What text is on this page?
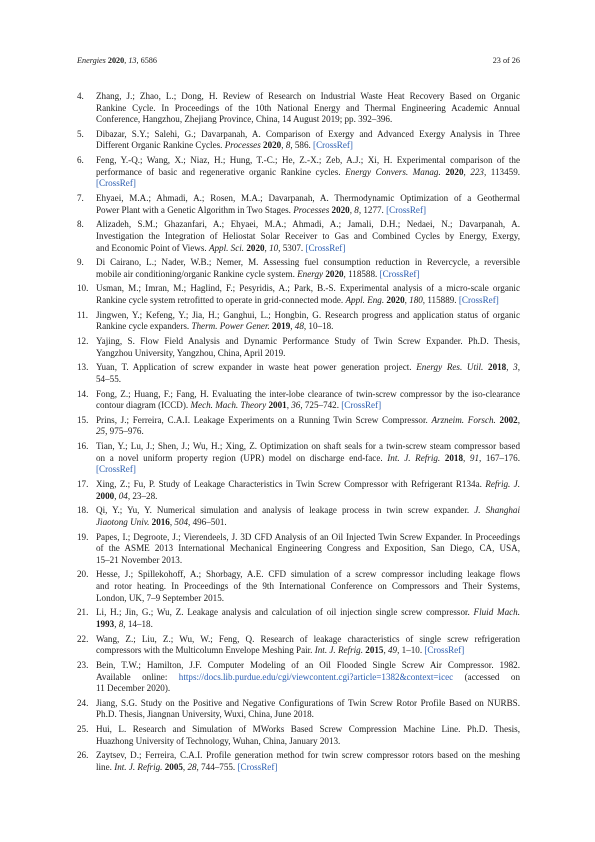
Energies 2020, 13, 6586	23 of 26
4. Zhang, J.; Zhao, L.; Dong, H. Review of Research on Industrial Waste Heat Recovery Based on Organic
Rankine Cycle. In Proceedings of the 10th National Energy and Thermal Engineering Academic Annual
Conference, Hangzhou, Zhejiang Province, China, 14 August 2019; pp. 392–396.
5. Dibazar, S.Y.; Salehi, G.; Davarpanah, A. Comparison of Exergy and Advanced Exergy Analysis in Three
Different Organic Rankine Cycles. Processes 2020, 8, 586. [CrossRef]
6. Feng, Y.-Q.; Wang, X.; Niaz, H.; Hung, T.-C.; He, Z.-X.; Zeb, A.J.; Xi, H. Experimental comparison of the
performance of basic and regenerative organic Rankine cycles. Energy Convers. Manag. 2020, 223, 113459.
[CrossRef]
7. Ehyaei, M.A.; Ahmadi, A.; Rosen, M.A.; Davarpanah, A. Thermodynamic Optimization of a Geothermal
Power Plant with a Genetic Algorithm in Two Stages. Processes 2020, 8, 1277. [CrossRef]
8. Alizadeh, S.M.; Ghazanfari, A.; Ehyaei, M.A.; Ahmadi, A.; Jamali, D.H.; Nedaei, N.; Davarpanah, A.
Investigation the Integration of Heliostat Solar Receiver to Gas and Combined Cycles by Energy, Exergy,
and Economic Point of Views. Appl. Sci. 2020, 10, 5307. [CrossRef]
9. Di Cairano, L.; Nader, W.B.; Nemer, M. Assessing fuel consumption reduction in Revercycle, a reversible
mobile air conditioning/organic Rankine cycle system. Energy 2020, 118588. [CrossRef]
10. Usman, M.; Imran, M.; Haglind, F.; Pesyridis, A.; Park, B.-S. Experimental analysis of a micro-scale organic
Rankine cycle system retrofitted to operate in grid-connected mode. Appl. Eng. 2020, 180, 115889. [CrossRef]
11. Jingwen, Y.; Kefeng, Y.; Jia, H.; Ganghui, L.; Hongbin, G. Research progress and application status of organic
Rankine cycle expanders. Therm. Power Gener. 2019, 48, 10–18.
12. Yajing, S. Flow Field Analysis and Dynamic Performance Study of Twin Screw Expander. Ph.D. Thesis,
Yangzhou University, Yangzhou, China, April 2019.
13. Yuan, T. Application of screw expander in waste heat power generation project. Energy Res. Util. 2018, 3,
54–55.
14. Fong, Z.; Huang, F.; Fang, H. Evaluating the inter-lobe clearance of twin-screw compressor by the iso-clearance
contour diagram (ICCD). Mech. Mach. Theory 2001, 36, 725–742. [CrossRef]
15. Prins, J.; Ferreira, C.A.I. Leakage Experiments on a Running Twin Screw Compressor. Arzneim. Forsch. 2002,
25, 975–976.
16. Tian, Y.; Lu, J.; Shen, J.; Wu, H.; Xing, Z. Optimization on shaft seals for a twin-screw steam compressor based
on a novel uniform property region (UPR) model on discharge end-face. Int. J. Refrig. 2018, 91, 167–176.
[CrossRef]
17. Xing, Z.; Fu, P. Study of Leakage Characteristics in Twin Screw Compressor with Refrigerant R134a. Refrig. J.
2000, 04, 23–28.
18. Qi, Y.; Yu, Y. Numerical simulation and analysis of leakage process in twin screw expander. J. Shanghai
Jiaotong Univ. 2016, 504, 496–501.
19. Papes, I.; Degroote, J.; Vierendeels, J. 3D CFD Analysis of an Oil Injected Twin Screw Expander. In Proceedings
of the ASME 2013 International Mechanical Engineering Congress and Exposition, San Diego, CA, USA,
15–21 November 2013.
20. Hesse, J.; Spillekohoff, A.; Shorbagy, A.E. CFD simulation of a screw compressor including leakage flows
and rotor heating. In Proceedings of the 9th International Conference on Compressors and Their Systems,
London, UK, 7–9 September 2015.
21. Li, H.; Jin, G.; Wu, Z. Leakage analysis and calculation of oil injection single screw compressor. Fluid Mach.
1993, 8, 14–18.
22. Wang, Z.; Liu, Z.; Wu, W.; Feng, Q. Research of leakage characteristics of single screw refrigeration
compressors with the Multicolumn Envelope Meshing Pair. Int. J. Refrig. 2015, 49, 1–10. [CrossRef]
23. Bein, T.W.; Hamilton, J.F. Computer Modeling of an Oil Flooded Single Screw Air Compressor. 1982.
Available online: https://docs.lib.purdue.edu/cgi/viewcontent.cgi?article=1382&context=icec (accessed on
11 December 2020).
24. Jiang, S.G. Study on the Positive and Negative Configurations of Twin Screw Rotor Profile Based on NURBS.
Ph.D. Thesis, Jiangnan University, Wuxi, China, June 2018.
25. Hui, L. Research and Simulation of MWorks Based Screw Compression Machine Line. Ph.D. Thesis,
Huazhong University of Technology, Wuhan, China, January 2013.
26. Zaytsev, D.; Ferreira, C.A.I. Profile generation method for twin screw compressor rotors based on the meshing
line. Int. J. Refrig. 2005, 28, 744–755. [CrossRef]
